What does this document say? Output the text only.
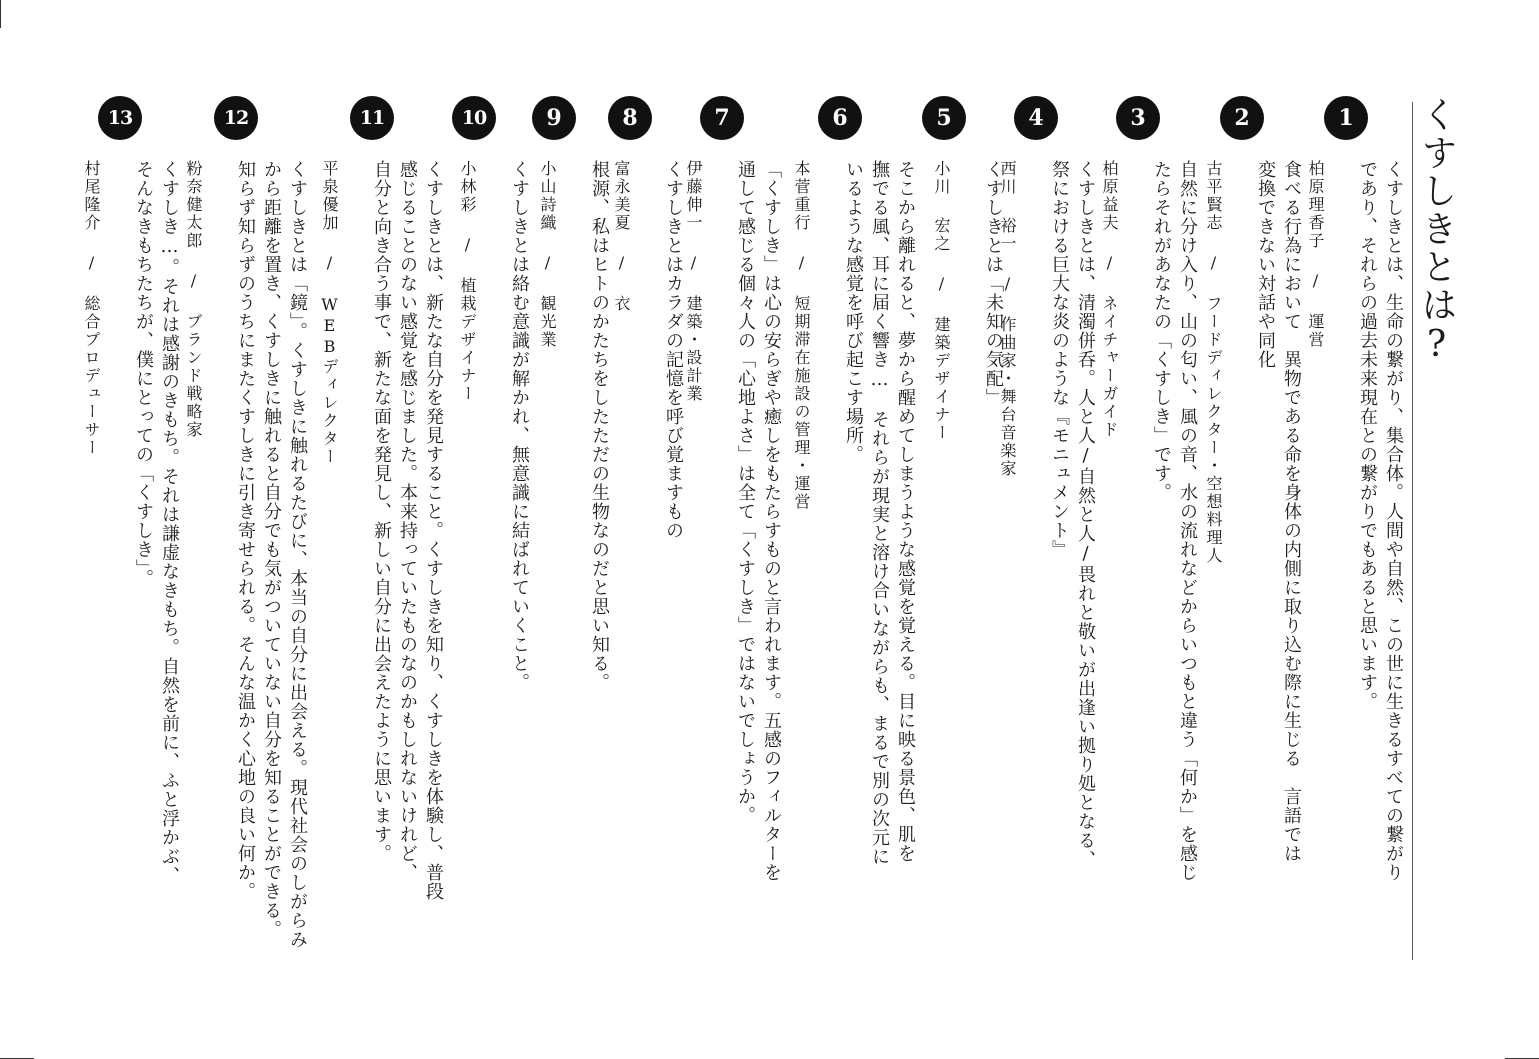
くすしきとは?
1

くすしきとは、生命の繋がり、集合体。人間や自然、この世に生きるすべての繋がり
であり、それらの過去未来現在との繋がりでもあると思います。

柏原理香子 / 運営

2

食べる行為において　異物である命を身体の内側に取り込む際に生じる　言語では
変換できない対話や同化

古平賢志 / フードディレクター・空想料理人

3

自然に分け入り、山の匂い、風の音、水の流れなどからいつもと違う「何か」を感じ
たらそれがあなたの「くすしき」です。

柏原益夫 / ネイチャーガイド

4

くすしきとは、清濁併呑。人と人/自然と人/畏れと敬いが出逢い拠り処となる、
祭における巨大な炎のような『モニュメント』

西川 裕一 / 作曲家・舞台音楽家

5

くすしきとは「未知の気配」

小川 宏之 / 建築デザイナー

6

そこから離れると、夢から醒めてしまうような感覚を覚える。目に映る景色、肌を
撫でる風、耳に届く響き…　それらが現実と溶け合いながらも、まるで別の次元に
いるような感覚を呼び起こす場所。

本菅重行 / 短期滞在施設の管理・運営

7

「くすしき」は心の安らぎや癒しをもたらすものと言われます。五感のフィルターを
通して感じる個々人の「心地よさ」は全て「くすしき」ではないでしょうか。

伊藤伸一 / 建築・設計業

8

くすしきとはカラダの記憶を呼び覚ますもの

富永美夏 / 衣

9

根源、私はヒトのかたちをしたただの生物なのだと思い知る。

小山詩織 / 観光業

10

くすしきとは絡む意識が解かれ、無意識に結ばれていくこと。

小林彩 / 植栽デザイナー

11

くすしきとは、新たな自分を発見すること。くすしきを知り、くすしきを体験し、普段
感じることのない感覚を感じました。本来持っていたものなのかもしれないけれど、
自分と向き合う事で、新たな面を発見し、新しい自分に出会えたように思います。

平泉優加 / WEBディレクター

12

くすしきとは「鏡」。くすしきに触れるたびに、本当の自分に出会える。現代社会のしがらみ
から距離を置き、くすしきに触れると自分でも気がついていない自分を知ることができる。
知らず知らずのうちにまたくすしきに引き寄せられる。そんな温かく心地の良い何か。

粉奈健太郎 / ブランド戦略家

13

くすしき…。それは感謝のきもち。それは謙虚なきもち。自然を前に、ふと浮かぶ、
そんなきもちたちが、僕にとっての「くすしき」。

村尾隆介 / 総合プロデューサー
